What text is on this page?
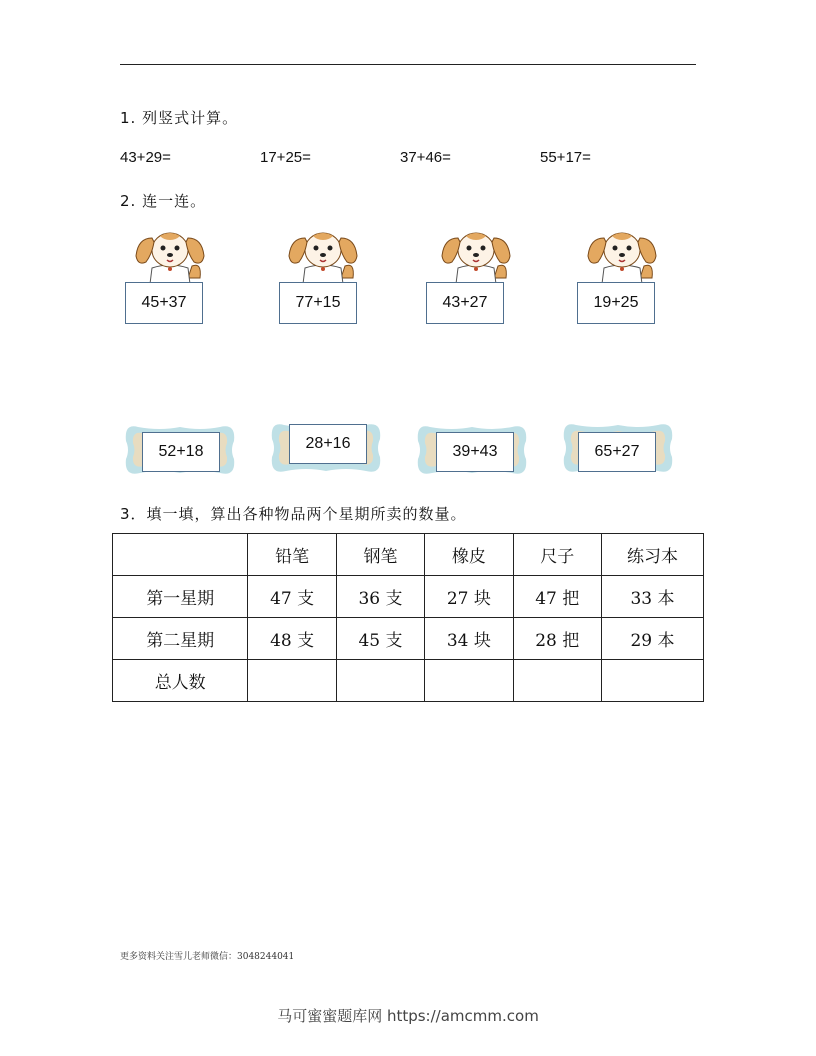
1. 列竖式计算。
43+29=	17+25=	37+46=	55+17=
2. 连一连。
45+37	77+15	43+27	19+25
52+18	28+16	39+43	65+27
3．填一填，算出各种物品两个星期所卖的数量。
	铅笔	钢笔	橡皮	尺子	练习本
第一星期	47 支	36 支	27 块	47 把	33 本
第二星期	48 支	45 支	34 块	28 把	29 本
总人数					
更多资料关注雪儿老师微信：3048244041
马可蜜蜜题库网 https://amcmm.com
